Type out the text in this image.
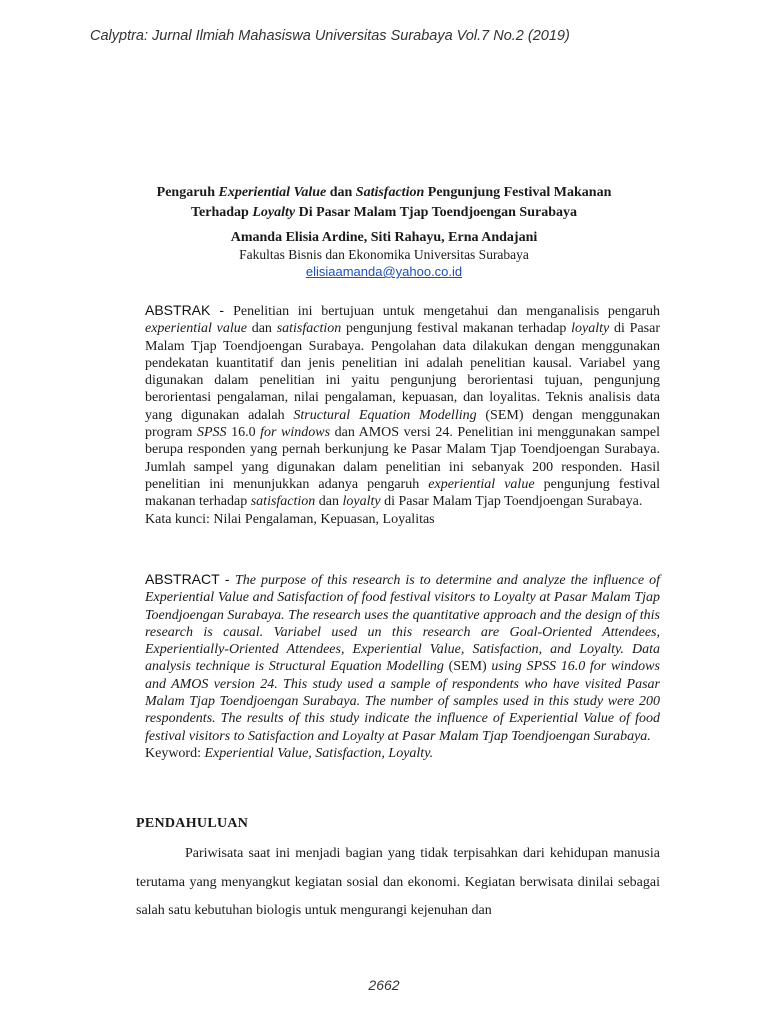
Calyptra: Jurnal Ilmiah Mahasiswa Universitas Surabaya Vol.7 No.2 (2019)
Pengaruh Experiential Value dan Satisfaction Pengunjung Festival Makanan
Terhadap Loyalty Di Pasar Malam Tjap Toendjoengan Surabaya
Amanda Elisia Ardine, Siti Rahayu, Erna Andajani
Fakultas Bisnis dan Ekonomika Universitas Surabaya
elisiaamanda@yahoo.co.id
ABSTRAK - Penelitian ini bertujuan untuk mengetahui dan menganalisis pengaruh experiential value dan satisfaction pengunjung festival makanan terhadap loyalty di Pasar Malam Tjap Toendjoengan Surabaya. Pengolahan data dilakukan dengan menggunakan pendekatan kuantitatif dan jenis penelitian ini adalah penelitian kausal. Variabel yang digunakan dalam penelitian ini yaitu pengunjung berorientasi tujuan, pengunjung berorientasi pengalaman, nilai pengalaman, kepuasan, dan loyalitas. Teknis analisis data yang digunakan adalah Structural Equation Modelling (SEM) dengan menggunakan program SPSS 16.0 for windows dan AMOS versi 24. Penelitian ini menggunakan sampel berupa responden yang pernah berkunjung ke Pasar Malam Tjap Toendjoengan Surabaya. Jumlah sampel yang digunakan dalam penelitian ini sebanyak 200 responden. Hasil penelitian ini menunjukkan adanya pengaruh experiential value pengunjung festival makanan terhadap satisfaction dan loyalty di Pasar Malam Tjap Toendjoengan Surabaya.
Kata kunci: Nilai Pengalaman, Kepuasan, Loyalitas
ABSTRACT - The purpose of this research is to determine and analyze the influence of Experiential Value and Satisfaction of food festival visitors to Loyalty at Pasar Malam Tjap Toendjoengan Surabaya. The research uses the quantitative approach and the design of this research is causal. Variabel used un this research are Goal-Oriented Attendees, Experientially-Oriented Attendees, Experiential Value, Satisfaction, and Loyalty. Data analysis technique is Structural Equation Modelling (SEM) using SPSS 16.0 for windows and AMOS version 24. This study used a sample of respondents who have visited Pasar Malam Tjap Toendjoengan Surabaya. The number of samples used in this study were 200 respondents. The results of this study indicate the influence of Experiential Value of food festival visitors to Satisfaction and Loyalty at Pasar Malam Tjap Toendjoengan Surabaya.
Keyword: Experiential Value, Satisfaction, Loyalty.
PENDAHULUAN

Pariwisata saat ini menjadi bagian yang tidak terpisahkan dari kehidupan manusia terutama yang menyangkut kegiatan sosial dan ekonomi. Kegiatan berwisata dinilai sebagai salah satu kebutuhan biologis untuk mengurangi kejenuhan dan

2662
